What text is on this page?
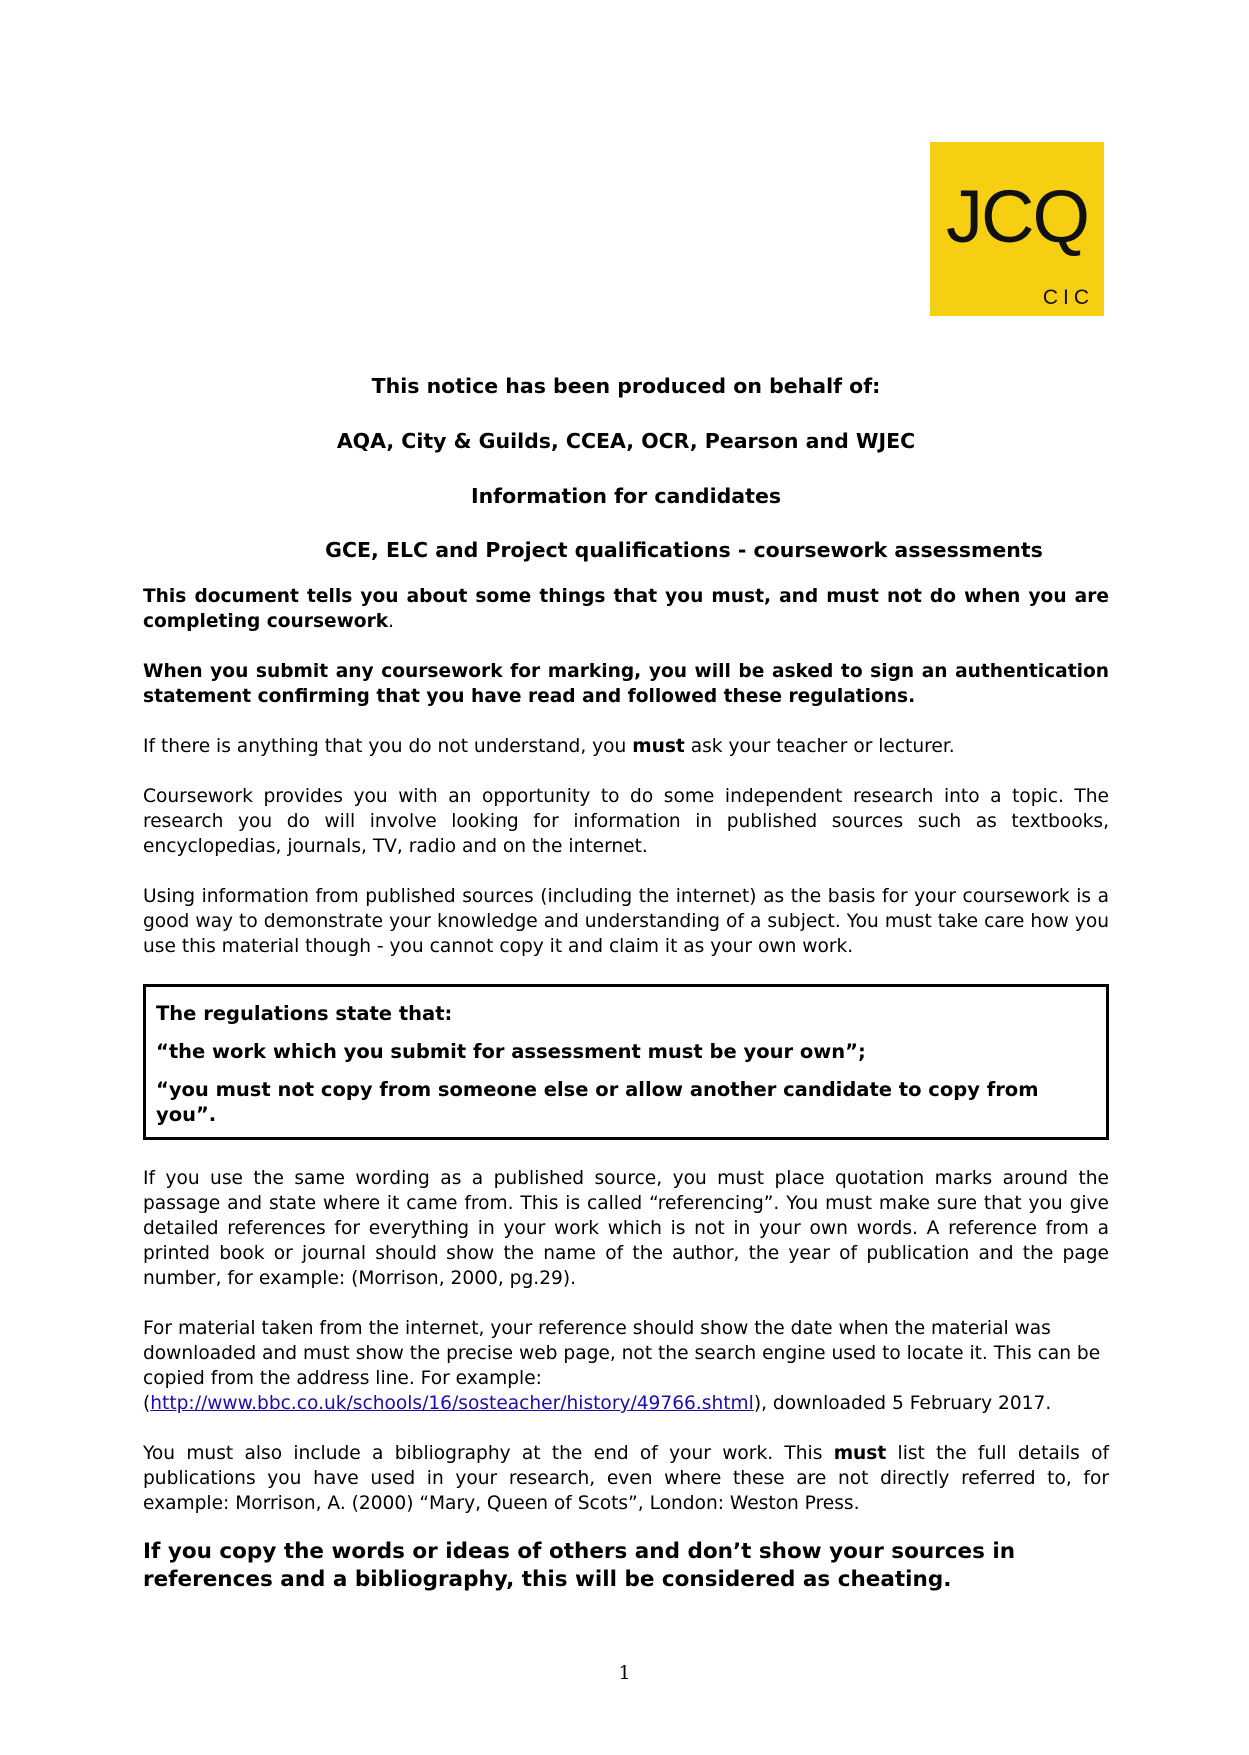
JCQ
CIC
This notice has been produced on behalf of:
AQA, City & Guilds, CCEA, OCR, Pearson and WJEC
Information for candidates
GCE, ELC and Project qualifications - coursework assessments

This document tells you about some things that you must, and must not do when you are completing coursework.

When you submit any coursework for marking, you will be asked to sign an authentication statement confirming that you have read and followed these regulations.

If there is anything that you do not understand, you must ask your teacher or lecturer.

Coursework provides you with an opportunity to do some independent research into a topic. The research you do will involve looking for information in published sources such as textbooks, encyclopedias, journals, TV, radio and on the internet.

Using information from published sources (including the internet) as the basis for your coursework is a good way to demonstrate your knowledge and understanding of a subject. You must take care how you use this material though - you cannot copy it and claim it as your own work.

The regulations state that:
“the work which you submit for assessment must be your own”;
“you must not copy from someone else or allow another candidate to copy from you”.

If you use the same wording as a published source, you must place quotation marks around the passage and state where it came from. This is called “referencing”. You must make sure that you give detailed references for everything in your work which is not in your own words. A reference from a printed book or journal should show the name of the author, the year of publication and the page number, for example: (Morrison, 2000, pg.29).

For material taken from the internet, your reference should show the date when the material was downloaded and must show the precise web page, not the search engine used to locate it. This can be copied from the address line. For example:
(http://www.bbc.co.uk/schools/16/sosteacher/history/49766.shtml), downloaded 5 February 2017.

You must also include a bibliography at the end of your work. This must list the full details of publications you have used in your research, even where these are not directly referred to, for example: Morrison, A. (2000) “Mary, Queen of Scots”, London: Weston Press.

If you copy the words or ideas of others and don’t show your sources in references and a bibliography, this will be considered as cheating.

1
